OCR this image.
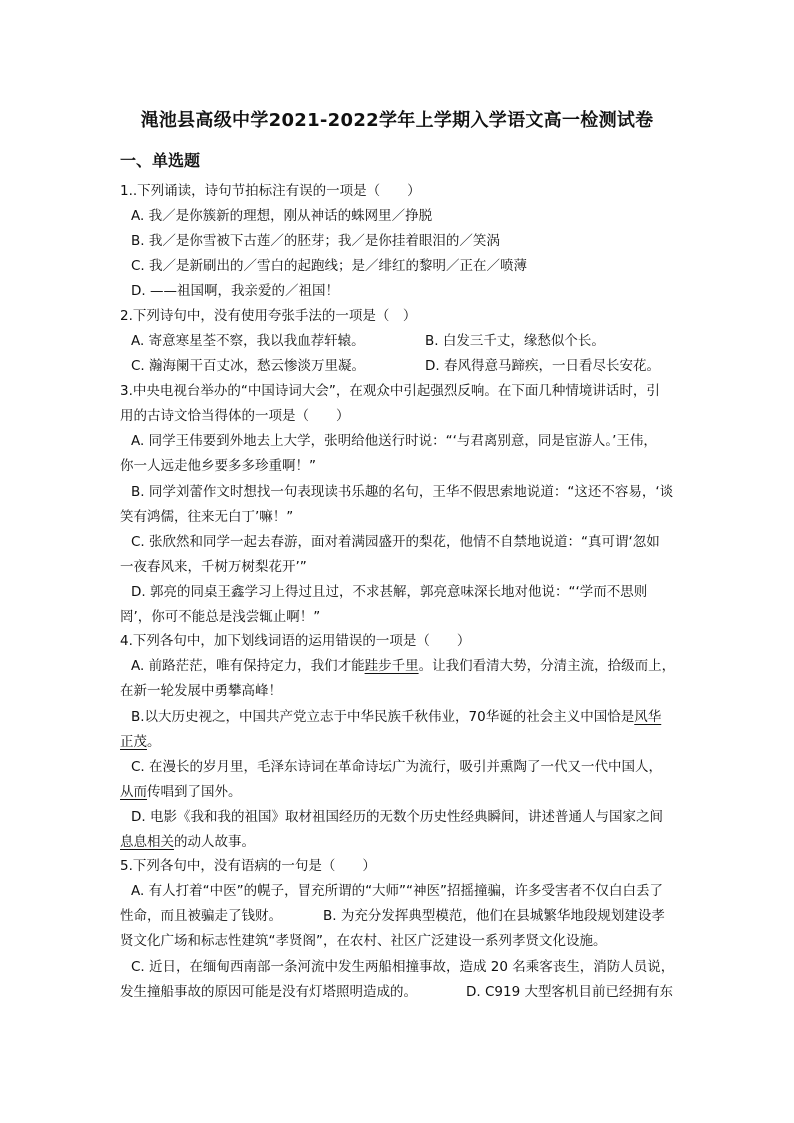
渑池县高级中学2021-2022学年上学期入学语文高一检测试卷
一、单选题
1..下列诵读，诗句节拍标注有误的一项是（　　）
A. 我／是你簇新的理想，刚从神话的蛛网里／挣脱
B. 我／是你雪被下古莲／的胚芽；我／是你挂着眼泪的／笑涡
C. 我／是新刷出的／雪白的起跑线；是／绯红的黎明／正在／喷薄
D. ——祖国啊，我亲爱的／祖国！
2.下列诗句中，没有使用夸张手法的一项是（　）
A. 寄意寒星荃不察，我以我血荐轩辕。	B. 白发三千丈，缘愁似个长。
C. 瀚海阑干百丈冰，愁云惨淡万里凝。	D. 春风得意马蹄疾，一日看尽长安花。
3.中央电视台举办的“中国诗词大会”，在观众中引起强烈反响。在下面几种情境讲话时，引
用的古诗文恰当得体的一项是（　　）
A. 同学王伟要到外地去上大学，张明给他送行时说：“‘与君离别意，同是宦游人。’王伟，
你一人远走他乡要多多珍重啊！”
B. 同学刘蕾作文时想找一句表现读书乐趣的名句，王华不假思索地说道：“这还不容易，‘谈
笑有鸿儒，往来无白丁’嘛！”
C. 张欣然和同学一起去春游，面对着满园盛开的梨花，他情不自禁地说道：“真可谓‘忽如
一夜春风来，千树万树梨花开’”
D. 郭亮的同桌王鑫学习上得过且过，不求甚解，郭亮意味深长地对他说：“‘学而不思则
罔’，你可不能总是浅尝辄止啊！”
4.下列各句中，加下划线词语的运用错误的一项是（　　）
A. 前路茫茫，唯有保持定力，我们才能跬步千里。让我们看清大势，分清主流，拾级而上，
在新一轮发展中勇攀高峰！
B.以大历史视之，中国共产党立志于中华民族千秋伟业，70华诞的社会主义中国恰是风华
正茂。
C. 在漫长的岁月里，毛泽东诗词在革命诗坛广为流行，吸引并熏陶了一代又一代中国人，
从而传唱到了国外。
D. 电影《我和我的祖国》取材祖国经历的无数个历史性经典瞬间，讲述普通人与国家之间
息息相关的动人故事。
5.下列各句中，没有语病的一句是（　　）
A. 有人打着“中医”的幌子，冒充所谓的“大师”“神医”招摇撞骗，许多受害者不仅白白丢了
性命，而且被骗走了钱财。	B. 为充分发挥典型模范，他们在县城繁华地段规划建设孝
贤文化广场和标志性建筑“孝贤阁”，在农村、社区广泛建设一系列孝贤文化设施。
C. 近日，在缅甸西南部一条河流中发生两船相撞事故，造成 20 名乘客丧生，消防人员说，
发生撞船事故的原因可能是没有灯塔照明造成的。	D. C919 大型客机目前已经拥有东
